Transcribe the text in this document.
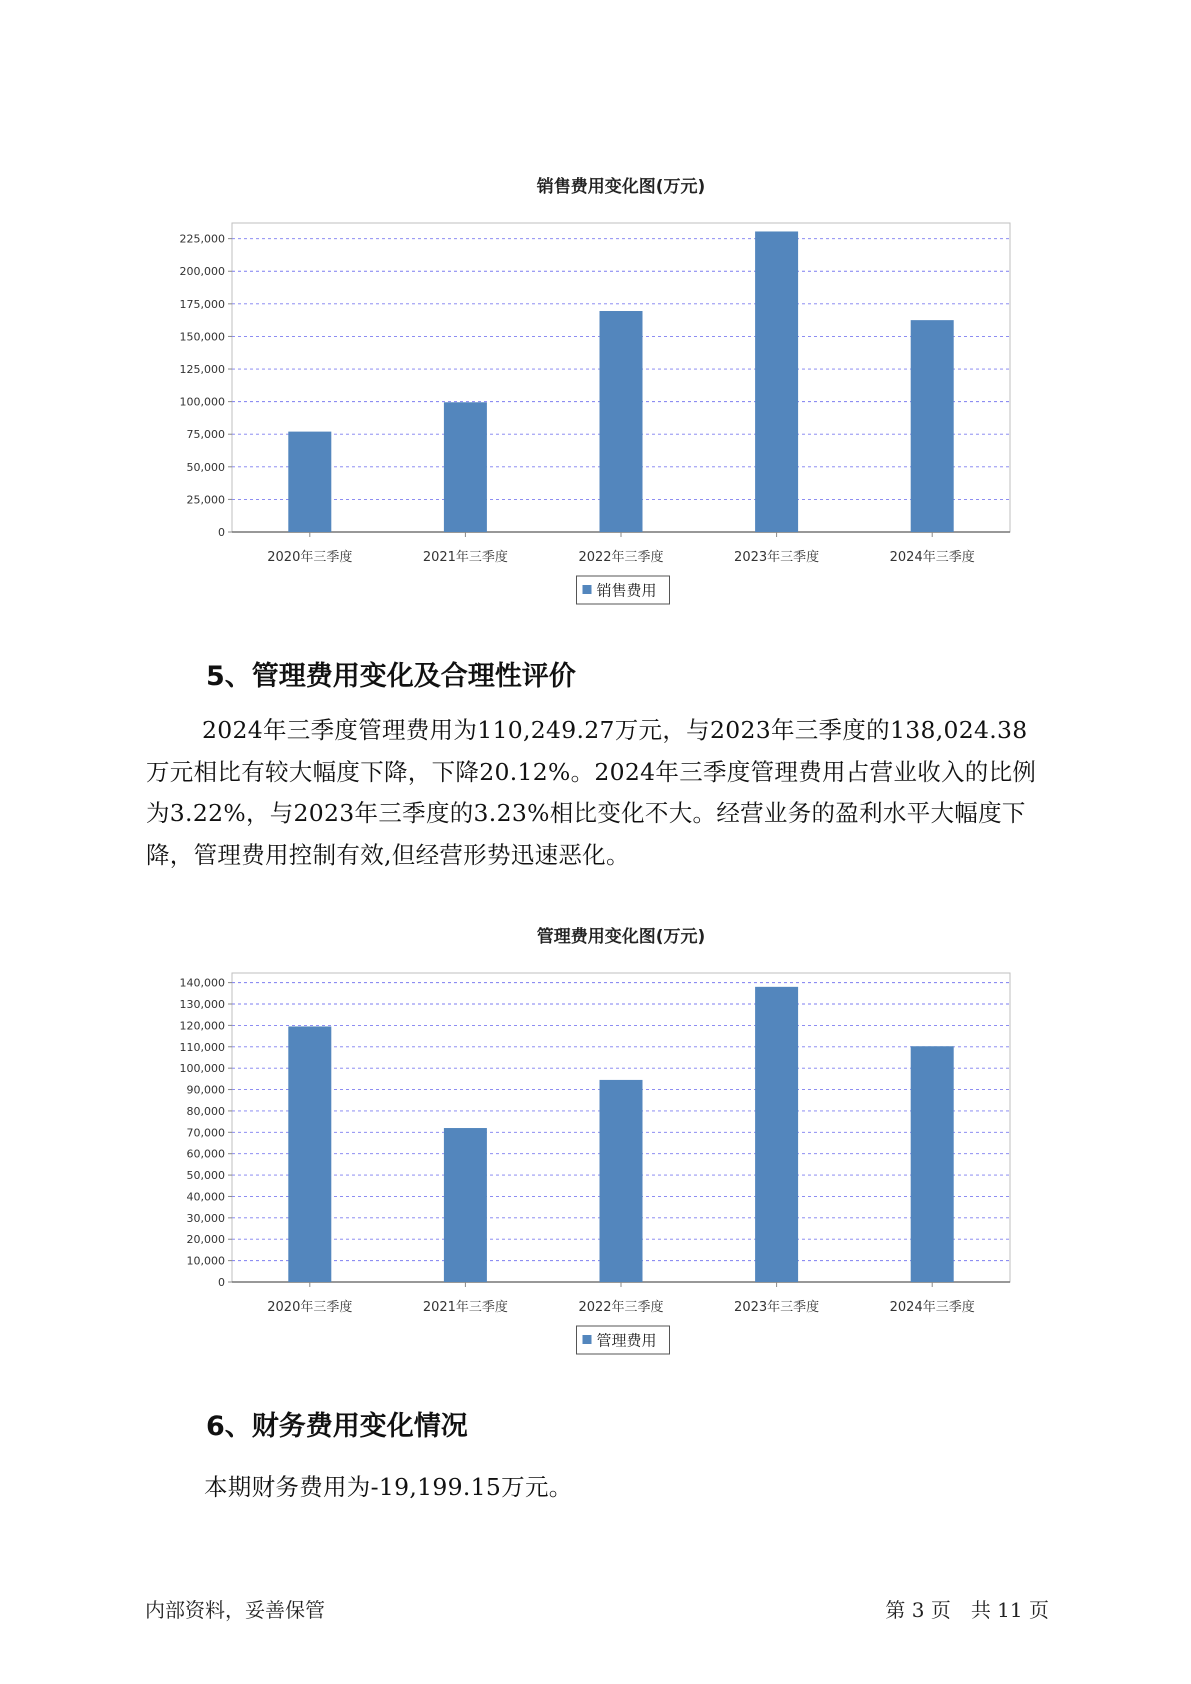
销售费用变化图(万元)
0
25,000
50,000
75,000
100,000
125,000
150,000
175,000
200,000
225,000
2020年三季度	2021年三季度	2022年三季度	2023年三季度	2024年三季度
销售费用
5、管理费用变化及合理性评价
2024年三季度管理费用为110,249.27万元，与2023年三季度的138,024.38万元相比有较大幅度下降，下降20.12%。2024年三季度管理费用占营业收入的比例为3.22%，与2023年三季度的3.23%相比变化不大。经营业务的盈利水平大幅度下降，管理费用控制有效,但经营形势迅速恶化。
管理费用变化图(万元)
0
10,000
20,000
30,000
40,000
50,000
60,000
70,000
80,000
90,000
100,000
110,000
120,000
130,000
140,000
2020年三季度	2021年三季度	2022年三季度	2023年三季度	2024年三季度
管理费用
6、财务费用变化情况
本期财务费用为-19,199.15万元。
内部资料，妥善保管	第 3 页　共 11 页
